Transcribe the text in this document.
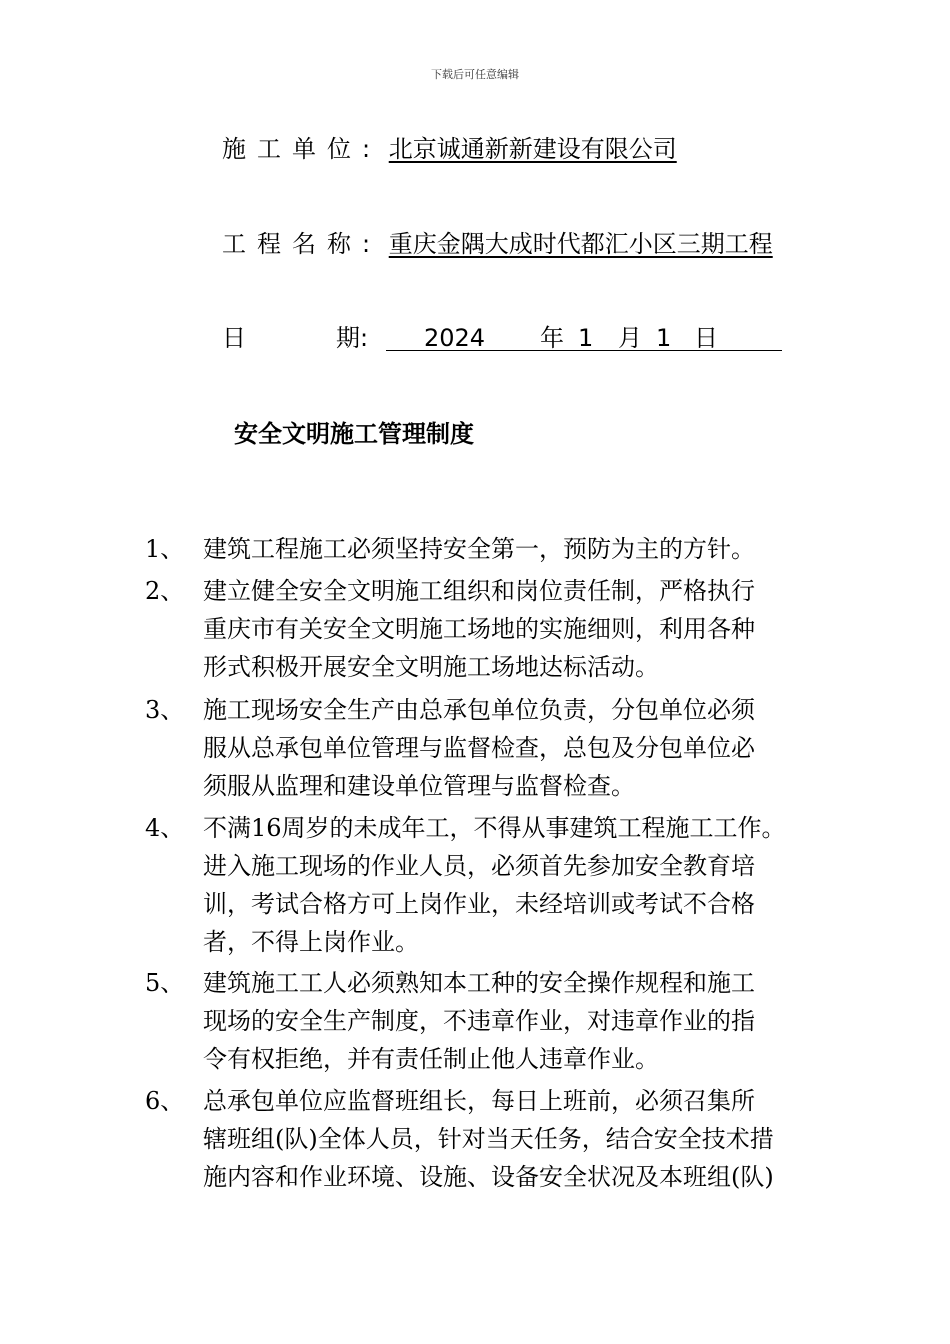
下载后可任意编辑
施工单位: 北京诚通新新建设有限公司
工程名称: 重庆金隅大成时代都汇小区三期工程
日	期: 2024 年 1 月 1 日
安全文明施工管理制度
1、 建筑工程施工必须坚持安全第一，预防为主的方针。
2、 建立健全安全文明施工组织和岗位责任制，严格执行
重庆市有关安全文明施工场地的实施细则，利用各种
形式积极开展安全文明施工场地达标活动。
3、 施工现场安全生产由总承包单位负责，分包单位必须
服从总承包单位管理与监督检查，总包及分包单位必
须服从监理和建设单位管理与监督检查。
4、 不满16周岁的未成年工，不得从事建筑工程施工工作。
进入施工现场的作业人员，必须首先参加安全教育培
训，考试合格方可上岗作业，未经培训或考试不合格
者，不得上岗作业。
5、 建筑施工工人必须熟知本工种的安全操作规程和施工
现场的安全生产制度，不违章作业，对违章作业的指
令有权拒绝，并有责任制止他人违章作业。
6、 总承包单位应监督班组长，每日上班前，必须召集所
辖班组(队)全体人员，针对当天任务，结合安全技术措
施内容和作业环境、设施、设备安全状况及本班组(队)
